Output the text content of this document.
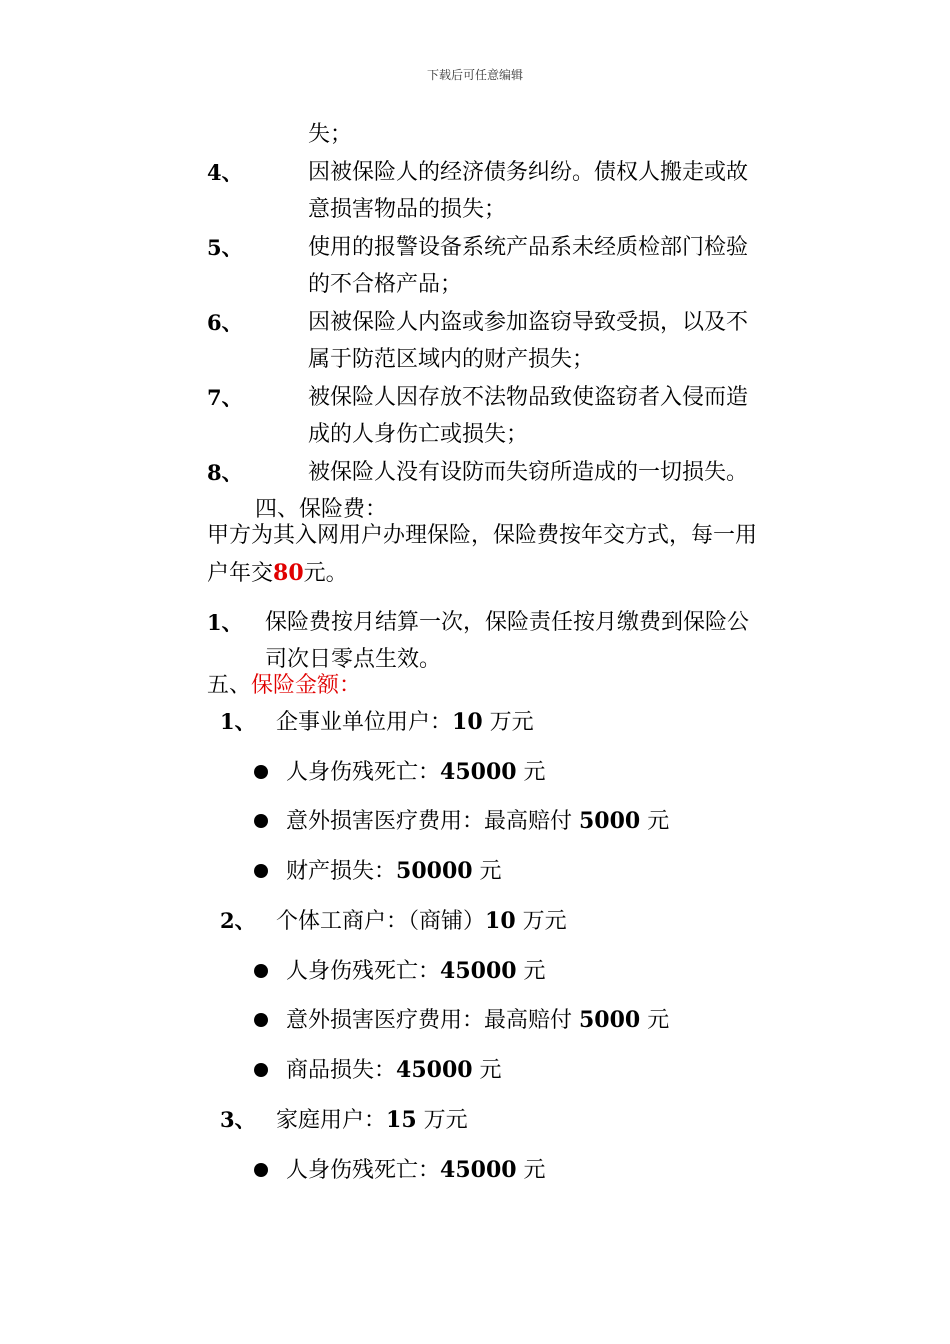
下载后可任意编辑
失；
4、	因被保险人的经济债务纠纷。债权人搬走或故
意损害物品的损失；
5、	使用的报警设备系统产品系未经质检部门检验
的不合格产品；
6、	因被保险人内盗或参加盗窃导致受损，以及不
属于防范区域内的财产损失；
7、	被保险人因存放不法物品致使盗窃者入侵而造
成的人身伤亡或损失；
8、	被保险人没有设防而失窃所造成的一切损失。
四、保险费：
甲方为其入网用户办理保险，保险费按年交方式，每一用
户年交80元。
1、 保险费按月结算一次，保险责任按月缴费到保险公
司次日零点生效。
五、保险金额：
1、 企事业单位用户：10 万元
人身伤残死亡：45000 元
意外损害医疗费用：最高赔付 5000 元
财产损失：50000 元
2、 个体工商户：（商铺）10 万元
人身伤残死亡：45000 元
意外损害医疗费用：最高赔付 5000 元
商品损失：45000 元
3、 家庭用户：15 万元
人身伤残死亡：45000 元
